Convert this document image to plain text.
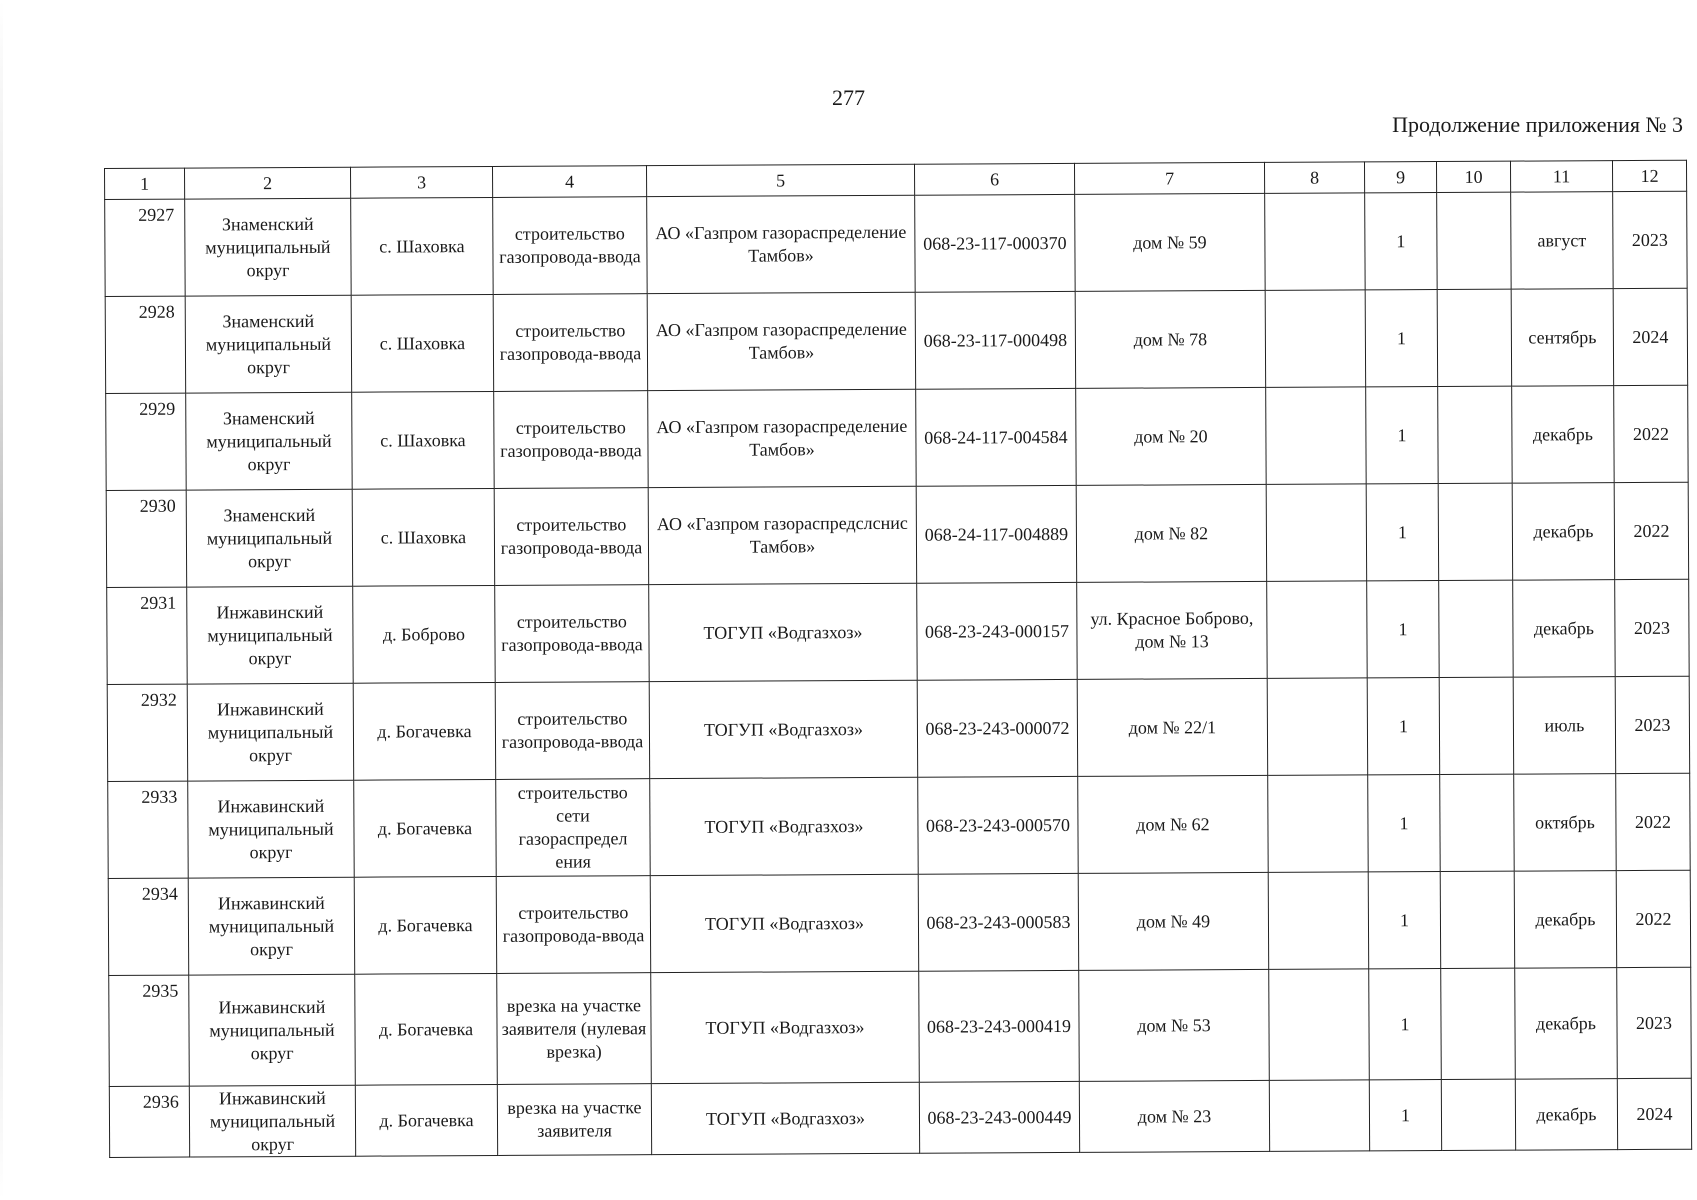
277
Продолжение приложения № 3
1	2	3	4	5	6	7	8	9	10	11	12
2927	Знаменский муниципальный округ	с. Шаховка	строительство газопровода-ввода	АО «Газпром газораспределение Тамбов»	068-23-117-000370	дом № 59		1		август	2023
2928	Знаменский муниципальный округ	с. Шаховка	строительство газопровода-ввода	АО «Газпром газораспределение Тамбов»	068-23-117-000498	дом № 78		1		сентябрь	2024
2929	Знаменский муниципальный округ	с. Шаховка	строительство газопровода-ввода	АО «Газпром газораспределение Тамбов»	068-24-117-004584	дом № 20		1		декабрь	2022
2930	Знаменский муниципальный округ	с. Шаховка	строительство газопровода-ввода	АО «Газпром газораспредслснис Тамбов»	068-24-117-004889	дом № 82		1		декабрь	2022
2931	Инжавинский муниципальный округ	д. Боброво	строительство газопровода-ввода	ТОГУП «Водгазхоз»	068-23-243-000157	ул. Красное Боброво, дом № 13		1		декабрь	2023
2932	Инжавинский муниципальный округ	д. Богачевка	строительство газопровода-ввода	ТОГУП «Водгазхоз»	068-23-243-000072	дом № 22/1		1		июль	2023
2933	Инжавинский муниципальный округ	д. Богачевка	строительство сети газораспредел ения	ТОГУП «Водгазхоз»	068-23-243-000570	дом № 62		1		октябрь	2022
2934	Инжавинский муниципальный округ	д. Богачевка	строительство газопровода-ввода	ТОГУП «Водгазхоз»	068-23-243-000583	дом № 49		1		декабрь	2022
2935	Инжавинский муниципальный округ	д. Богачевка	врезка на участке заявителя (нулевая врезка)	ТОГУП «Водгазхоз»	068-23-243-000419	дом № 53		1		декабрь	2023
2936	Инжавинский муниципальный округ	д. Богачевка	врезка на участке заявителя	ТОГУП «Водгазхоз»	068-23-243-000449	дом № 23		1		декабрь	2024
